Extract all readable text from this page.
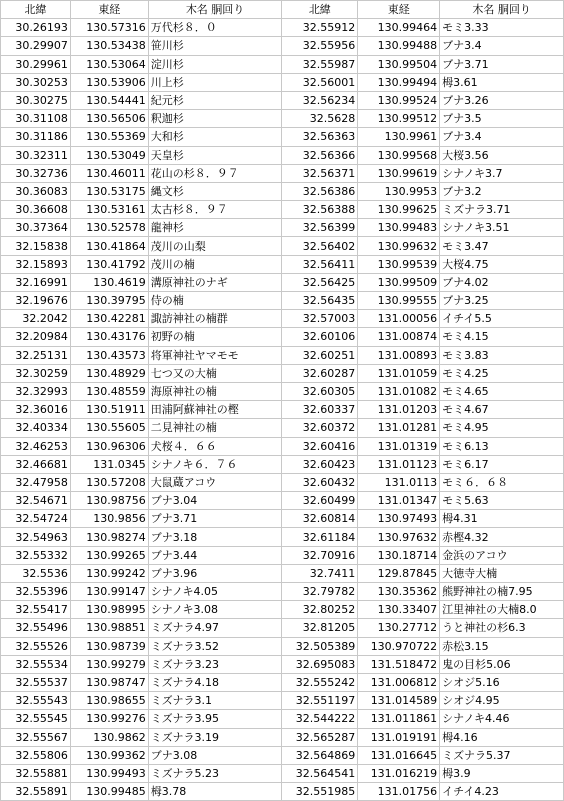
北緯	東経	木名 胴回り	北緯	東経	木名 胴回り
30.26193	130.57316	万代杉８．０	32.55912	130.99464	モミ3.33
30.29907	130.53438	笹川杉	32.55956	130.99488	ブナ3.4
30.29961	130.53064	淀川杉	32.55987	130.99504	ブナ3.71
30.30253	130.53906	川上杉	32.56001	130.99494	栂3.61
30.30275	130.54441	紀元杉	32.56234	130.99524	ブナ3.26
30.31108	130.56506	釈迦杉	32.5628	130.99512	ブナ3.5
30.31186	130.55369	大和杉	32.56363	130.9961	ブナ3.4
30.32311	130.53049	天皇杉	32.56366	130.99568	大桜3.56
30.32736	130.46011	花山の杉８．９７	32.56371	130.99619	シナノキ3.7
30.36083	130.53175	縄文杉	32.56386	130.9953	ブナ3.2
30.36608	130.53161	太古杉８．９７	32.56388	130.99625	ミズナラ3.71
30.37364	130.52578	龍神杉	32.56399	130.99483	シナノキ3.51
32.15838	130.41864	茂川の山梨	32.56402	130.99632	モミ3.47
32.15893	130.41792	茂川の楠	32.56411	130.99539	大桜4.75
32.16991	130.4619	溝原神社のナギ	32.56425	130.99509	ブナ4.02
32.19676	130.39795	侍の楠	32.56435	130.99555	ブナ3.25
32.2042	130.42281	諏訪神社の楠群	32.57003	131.00056	イチイ5.5
32.20984	130.43176	初野の楠	32.60106	131.00874	モミ4.15
32.25131	130.43573	将軍神社ヤマモモ	32.60251	131.00893	モミ3.83
32.30259	130.48929	七つ又の大楠	32.60287	131.01059	モミ4.25
32.32993	130.48559	海原神社の楠	32.60305	131.01082	モミ4.65
32.36016	130.51911	田浦阿蘇神社の樫	32.60337	131.01203	モミ4.67
32.40334	130.55605	二見神社の楠	32.60372	131.01281	モミ4.95
32.46253	130.96306	犬桜４．６６	32.60416	131.01319	モミ6.13
32.46681	131.0345	シナノキ６．７６	32.60423	131.01123	モミ6.17
32.47958	130.57208	大鼠蔵アコウ	32.60432	131.0113	モミ６．６８
32.54671	130.98756	ブナ3.04	32.60499	131.01347	モミ5.63
32.54724	130.9856	ブナ3.71	32.60814	130.97493	栂4.31
32.54963	130.98274	ブナ3.18	32.61184	130.97632	赤樫4.32
32.55332	130.99265	ブナ3.44	32.70916	130.18714	金浜のアコウ
32.5536	130.99242	ブナ3.96	32.7411	129.87845	大徳寺大楠
32.55396	130.99147	シナノキ4.05	32.79782	130.35362	熊野神社の楠7.95
32.55417	130.98995	シナノキ3.08	32.80252	130.33407	江里神社の大楠8.0
32.55496	130.98851	ミズナラ4.97	32.81205	130.27712	うと神社の杉6.3
32.55526	130.98739	ミズナラ3.52	32.505389	130.970722	赤松3.15
32.55534	130.99279	ミズナラ3.23	32.695083	131.518472	鬼の目杉5.06
32.55537	130.98747	ミズナラ4.18	32.555242	131.006812	シオジ5.16
32.55543	130.98655	ミズナラ3.1	32.551197	131.014589	シオジ4.95
32.55545	130.99276	ミズナラ3.95	32.544222	131.011861	シナノキ4.46
32.55567	130.9862	ミズナラ3.19	32.565287	131.019191	栂4.16
32.55806	130.99362	ブナ3.08	32.564869	131.016645	ミズナラ5.37
32.55881	130.99493	ミズナラ5.23	32.564541	131.016219	栂3.9
32.55891	130.99485	栂3.78	32.551985	131.01756	イチイ4.23
